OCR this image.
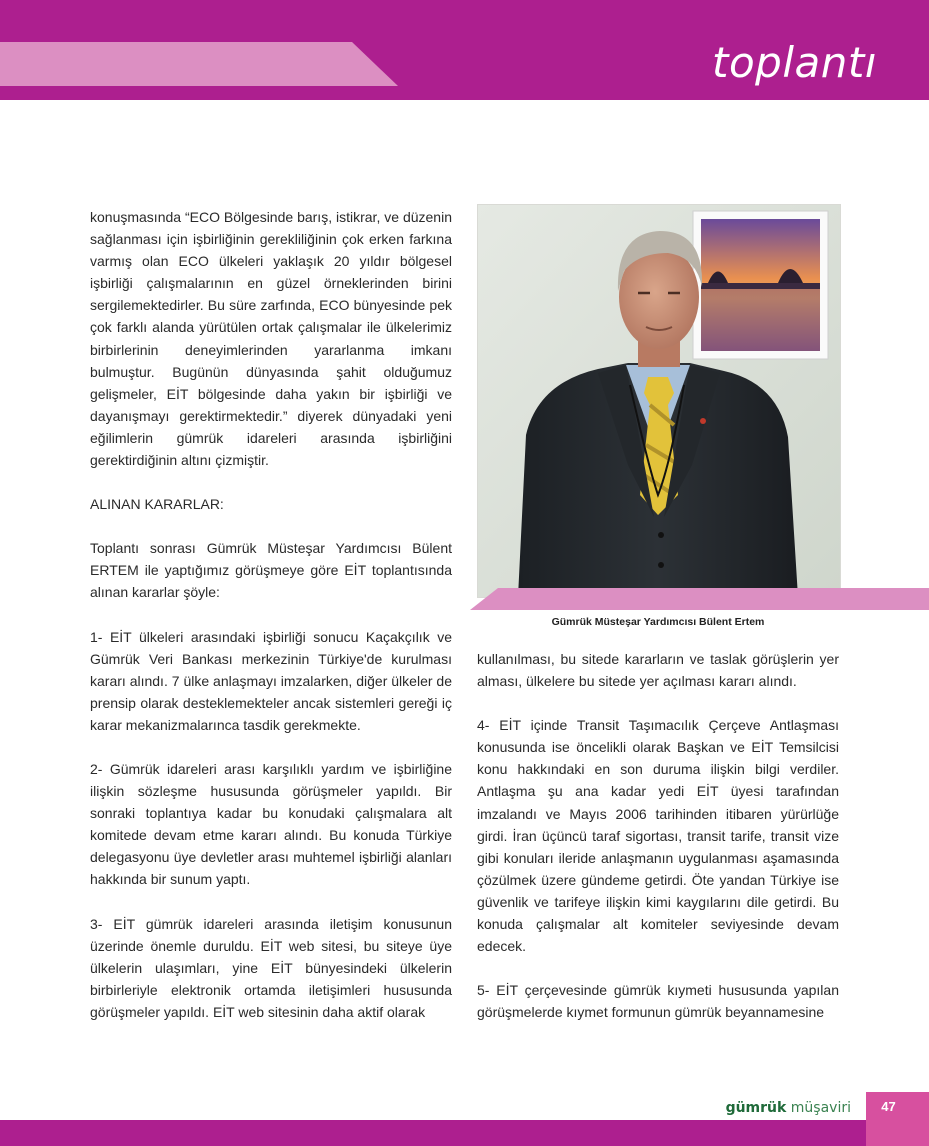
toplantı

konuşmasında “ECO Bölgesinde barış, istikrar, ve düzenin sağlanması için işbirliğinin gerekliliğinin çok erken farkına varmış olan ECO ülkeleri yaklaşık 20 yıldır bölgesel işbirliği çalışmalarının en güzel örneklerinden birini sergilemektedirler. Bu süre zarfında, ECO bünyesinde pek çok farklı alanda yürütülen ortak çalışmalar ile ülkelerimiz birbirlerinin deneyimlerinden yararlanma imkanı bulmuştur. Bugünün dünyasında şahit olduğumuz gelişmeler, EİT bölgesinde daha yakın bir işbirliği ve dayanışmayı gerektirmektedir.” diyerek dünyadaki yeni eğilimlerin gümrük idareleri arasında işbirliğini gerektirdiğinin altını çizmiştir.

ALINAN KARARLAR:

Toplantı sonrası Gümrük Müsteşar Yardımcısı Bülent ERTEM ile yaptığımız görüşmeye göre EİT toplantısında alınan kararlar şöyle:

1- EİT ülkeleri arasındaki işbirliği sonucu Kaçakçılık ve Gümrük Veri Bankası merkezinin Türkiye'de kurulması kararı alındı. 7 ülke anlaşmayı imzalarken, diğer ülkeler de prensip olarak desteklemekteler ancak sistemleri gereği iç karar mekanizmalarınca tasdik gerekmekte.

2- Gümrük idareleri arası karşılıklı yardım ve işbirliğine ilişkin sözleşme hususunda görüşmeler yapıldı. Bir sonraki toplantıya kadar bu konudaki çalışmalara alt komitede devam etme kararı alındı. Bu konuda Türkiye delegasyonu üye devletler arası muhtemel işbirliği alanları hakkında bir sunum yaptı.

3- EİT gümrük idareleri arasında iletişim konusunun üzerinde önemle duruldu. EİT web sitesi, bu siteye üye ülkelerin ulaşımları, yine EİT bünyesindeki ülkelerin birbirleriyle elektronik ortamda iletişimleri hususunda görüşmeler yapıldı. EİT web sitesinin daha aktif olarak

Gümrük Müsteşar Yardımcısı Bülent Ertem

kullanılması, bu sitede kararların ve taslak görüşlerin yer alması, ülkelere bu sitede yer açılması kararı alındı.

4- EİT içinde Transit Taşımacılık Çerçeve Antlaşması konusunda ise öncelikli olarak Başkan ve EİT Temsilcisi konu hakkındaki en son duruma ilişkin bilgi verdiler. Antlaşma şu ana kadar yedi EİT üyesi tarafından imzalandı ve Mayıs 2006 tarihinden itibaren yürürlüğe girdi. İran üçüncü taraf sigortası, transit tarife, transit vize gibi konuları ileride anlaşmanın uygulanması aşamasında çözülmek üzere gündeme getirdi. Öte yandan Türkiye ise güvenlik ve tarifeye ilişkin kimi kaygılarını dile getirdi. Bu konuda çalışmalar alt komiteler seviyesinde devam edecek.

5- EİT çerçevesinde gümrük kıymeti hususunda yapılan görüşmelerde kıymet formunun gümrük beyannamesine

gümrük müşaviri	47
